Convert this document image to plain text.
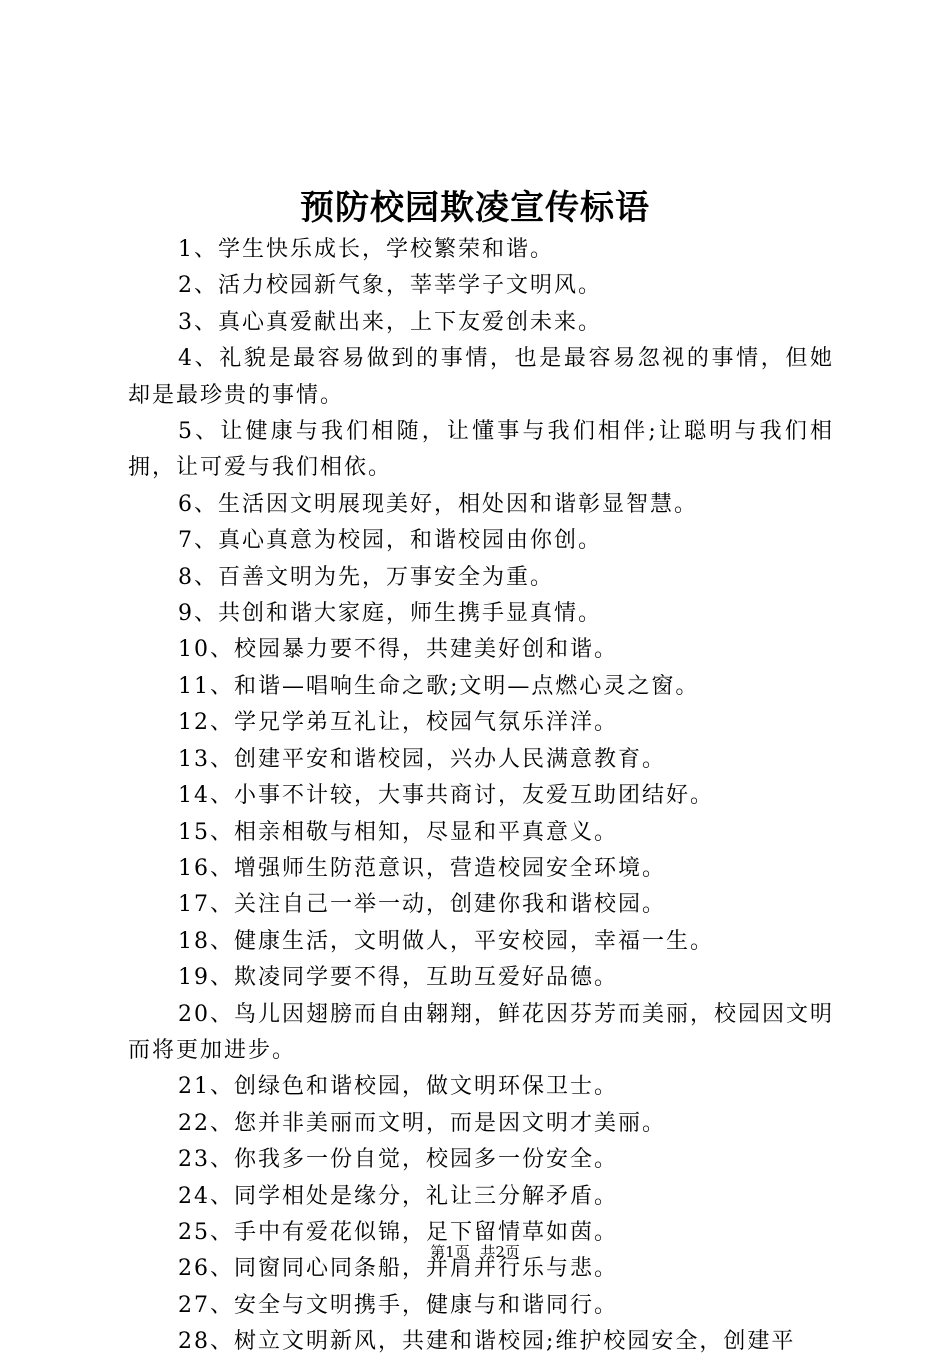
预防校园欺凌宣传标语

1、学生快乐成长，学校繁荣和谐。

2、活力校园新气象，莘莘学子文明风。

3、真心真爱献出来，上下友爱创未来。

4、礼貌是最容易做到的事情，也是最容易忽视的事情，但她却是最珍贵的事情。

5、让健康与我们相随，让懂事与我们相伴;让聪明与我们相拥，让可爱与我们相依。

6、生活因文明展现美好，相处因和谐彰显智慧。

7、真心真意为校园，和谐校园由你创。

8、百善文明为先，万事安全为重。

9、共创和谐大家庭，师生携手显真情。

10、校园暴力要不得，共建美好创和谐。

11、和谐—唱响生命之歌;文明—点燃心灵之窗。

12、学兄学弟互礼让，校园气氛乐洋洋。

13、创建平安和谐校园，兴办人民满意教育。

14、小事不计较，大事共商讨，友爱互助团结好。

15、相亲相敬与相知，尽显和平真意义。

16、增强师生防范意识，营造校园安全环境。

17、关注自己一举一动，创建你我和谐校园。

18、健康生活，文明做人，平安校园，幸福一生。

19、欺凌同学要不得，互助互爱好品德。

20、鸟儿因翅膀而自由翱翔，鲜花因芬芳而美丽，校园因文明而将更加进步。

21、创绿色和谐校园，做文明环保卫士。

22、您并非美丽而文明，而是因文明才美丽。

23、你我多一份自觉，校园多一份安全。

24、同学相处是缘分，礼让三分解矛盾。

25、手中有爱花似锦，足下留情草如茵。

26、同窗同心同条船，并肩并行乐与悲。

27、安全与文明携手，健康与和谐同行。

28、树立文明新风，共建和谐校园;维护校园安全，创建平

第1页 共2页
